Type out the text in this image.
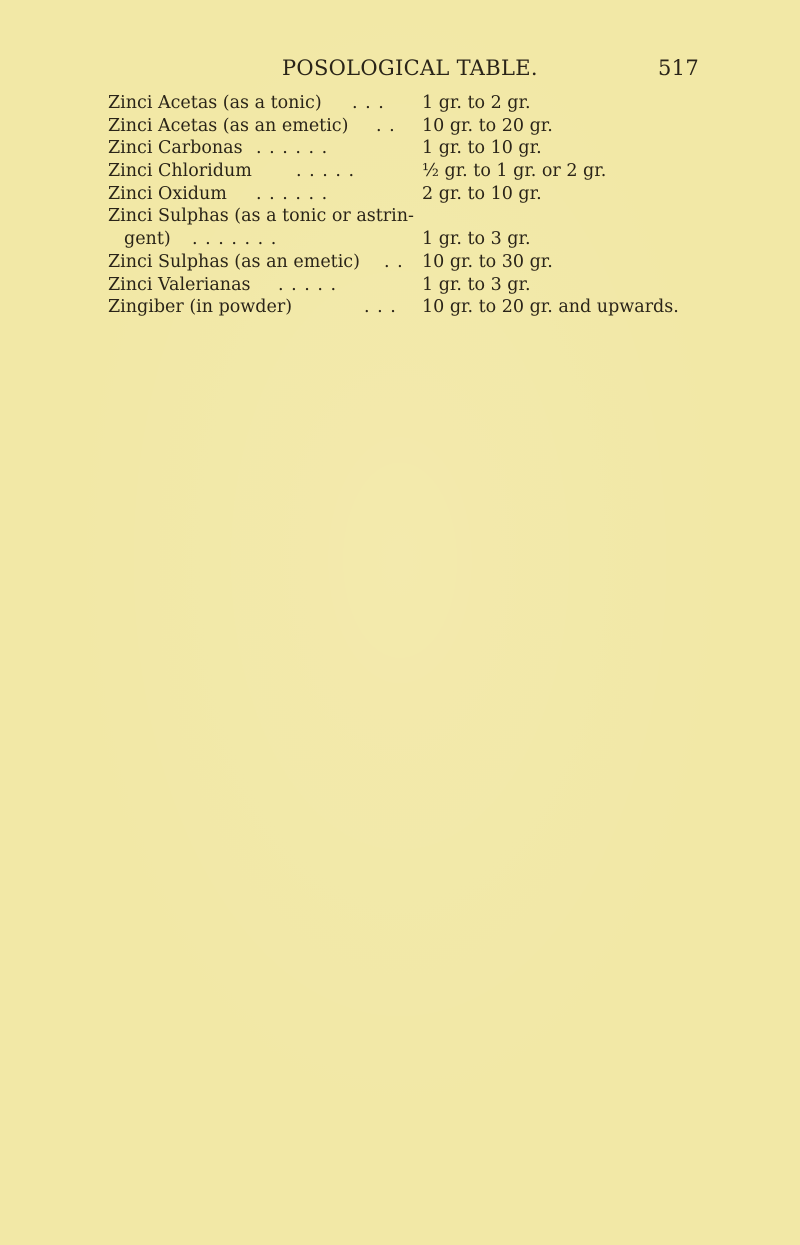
POSOLOGICAL TABLE.	517
Zinci Acetas (as a tonic) . . . 1 gr. to 2 gr.
Zinci Acetas (as an emetic) . . 10 gr. to 20 gr.
Zinci Carbonas . . . . . .	1 gr. to 10 gr.
Zinci Chloridum	. . . . .	½ gr. to 1 gr. or 2 gr.
Zinci Oxidum . . . . . .	2 gr. to 10 gr.
Zinci Sulphas (as a tonic or astrin-
gent) . . . . . . .	1 gr. to 3 gr.
Zinci Sulphas (as an emetic) . . 10 gr. to 30 gr.
Zinci Valerianas . . . . .	1 gr. to 3 gr.
Zingiber (in powder)	. . . 10 gr. to 20 gr. and upwards.
